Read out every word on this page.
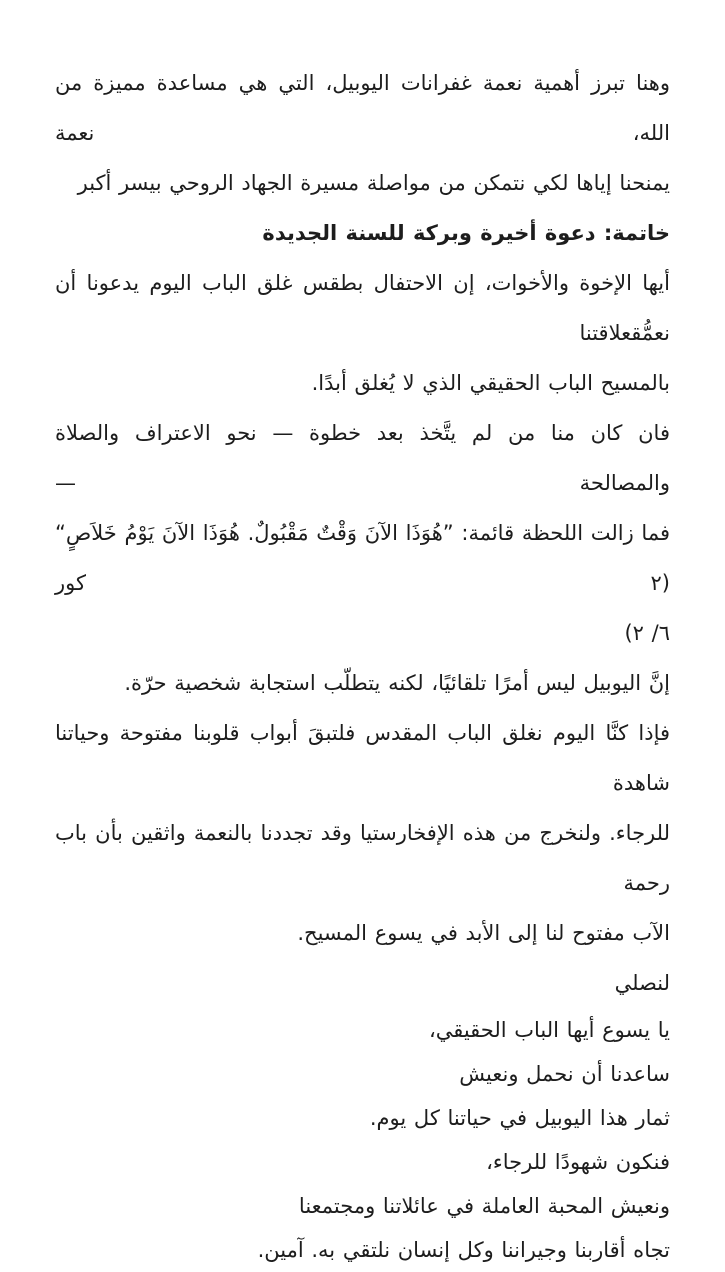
وهنا تبرز أهمية نعمة غفرانات اليوبيل، التي هي مساعدة مميزة من الله، نعمة
يمنحنا إياها لكي نتمكن من مواصلة مسيرة الجهاد الروحي بيسر أكبر
خاتمة: دعوة أخيرة وبركة للسنة الجديدة
أيها الإخوة والأخوات، إن الاحتفال بطقس غلق الباب اليوم يدعونا أن نعمُّقعلاقتنا
بالمسيح الباب الحقيقي الذي لا يُغلق أبدًا.
فان كان منا من لم يتَّخذ بعد خطوة — نحو الاعتراف والصلاة والمصالحة —
فما زالت اللحظة قائمة: ”هُوَذَا الآنَ وَقْتٌ مَقْبُولٌ. هُوَذَا الآنَ يَوْمُ خَلاَصٍ“ (٢ كور
٦/ ٢)
إنَّ اليوبيل ليس أمرًا تلقائيًا، لكنه يتطلّب استجابة شخصية حرّة.
فإذا كنَّا اليوم نغلق الباب المقدس فلتبقَ أبواب قلوبنا مفتوحة وحياتنا شاهدة
للرجاء. ولنخرج من هذه الإفخارستيا وقد تجددنا بالنعمة واثقين بأن باب رحمة
الآب مفتوح لنا إلى الأبد في يسوع المسيح.
لنصلي
يا يسوع أيها الباب الحقيقي،
ساعدنا أن نحمل ونعيش
ثمار هذا اليوبيل في حياتنا كل يوم.
فنكون شهودًا للرجاء،
ونعيش المحبة العاملة في عائلاتنا ومجتمعنا
تجاه أقاربنا وجيراننا وكل إنسان نلتقي به. آمين.
